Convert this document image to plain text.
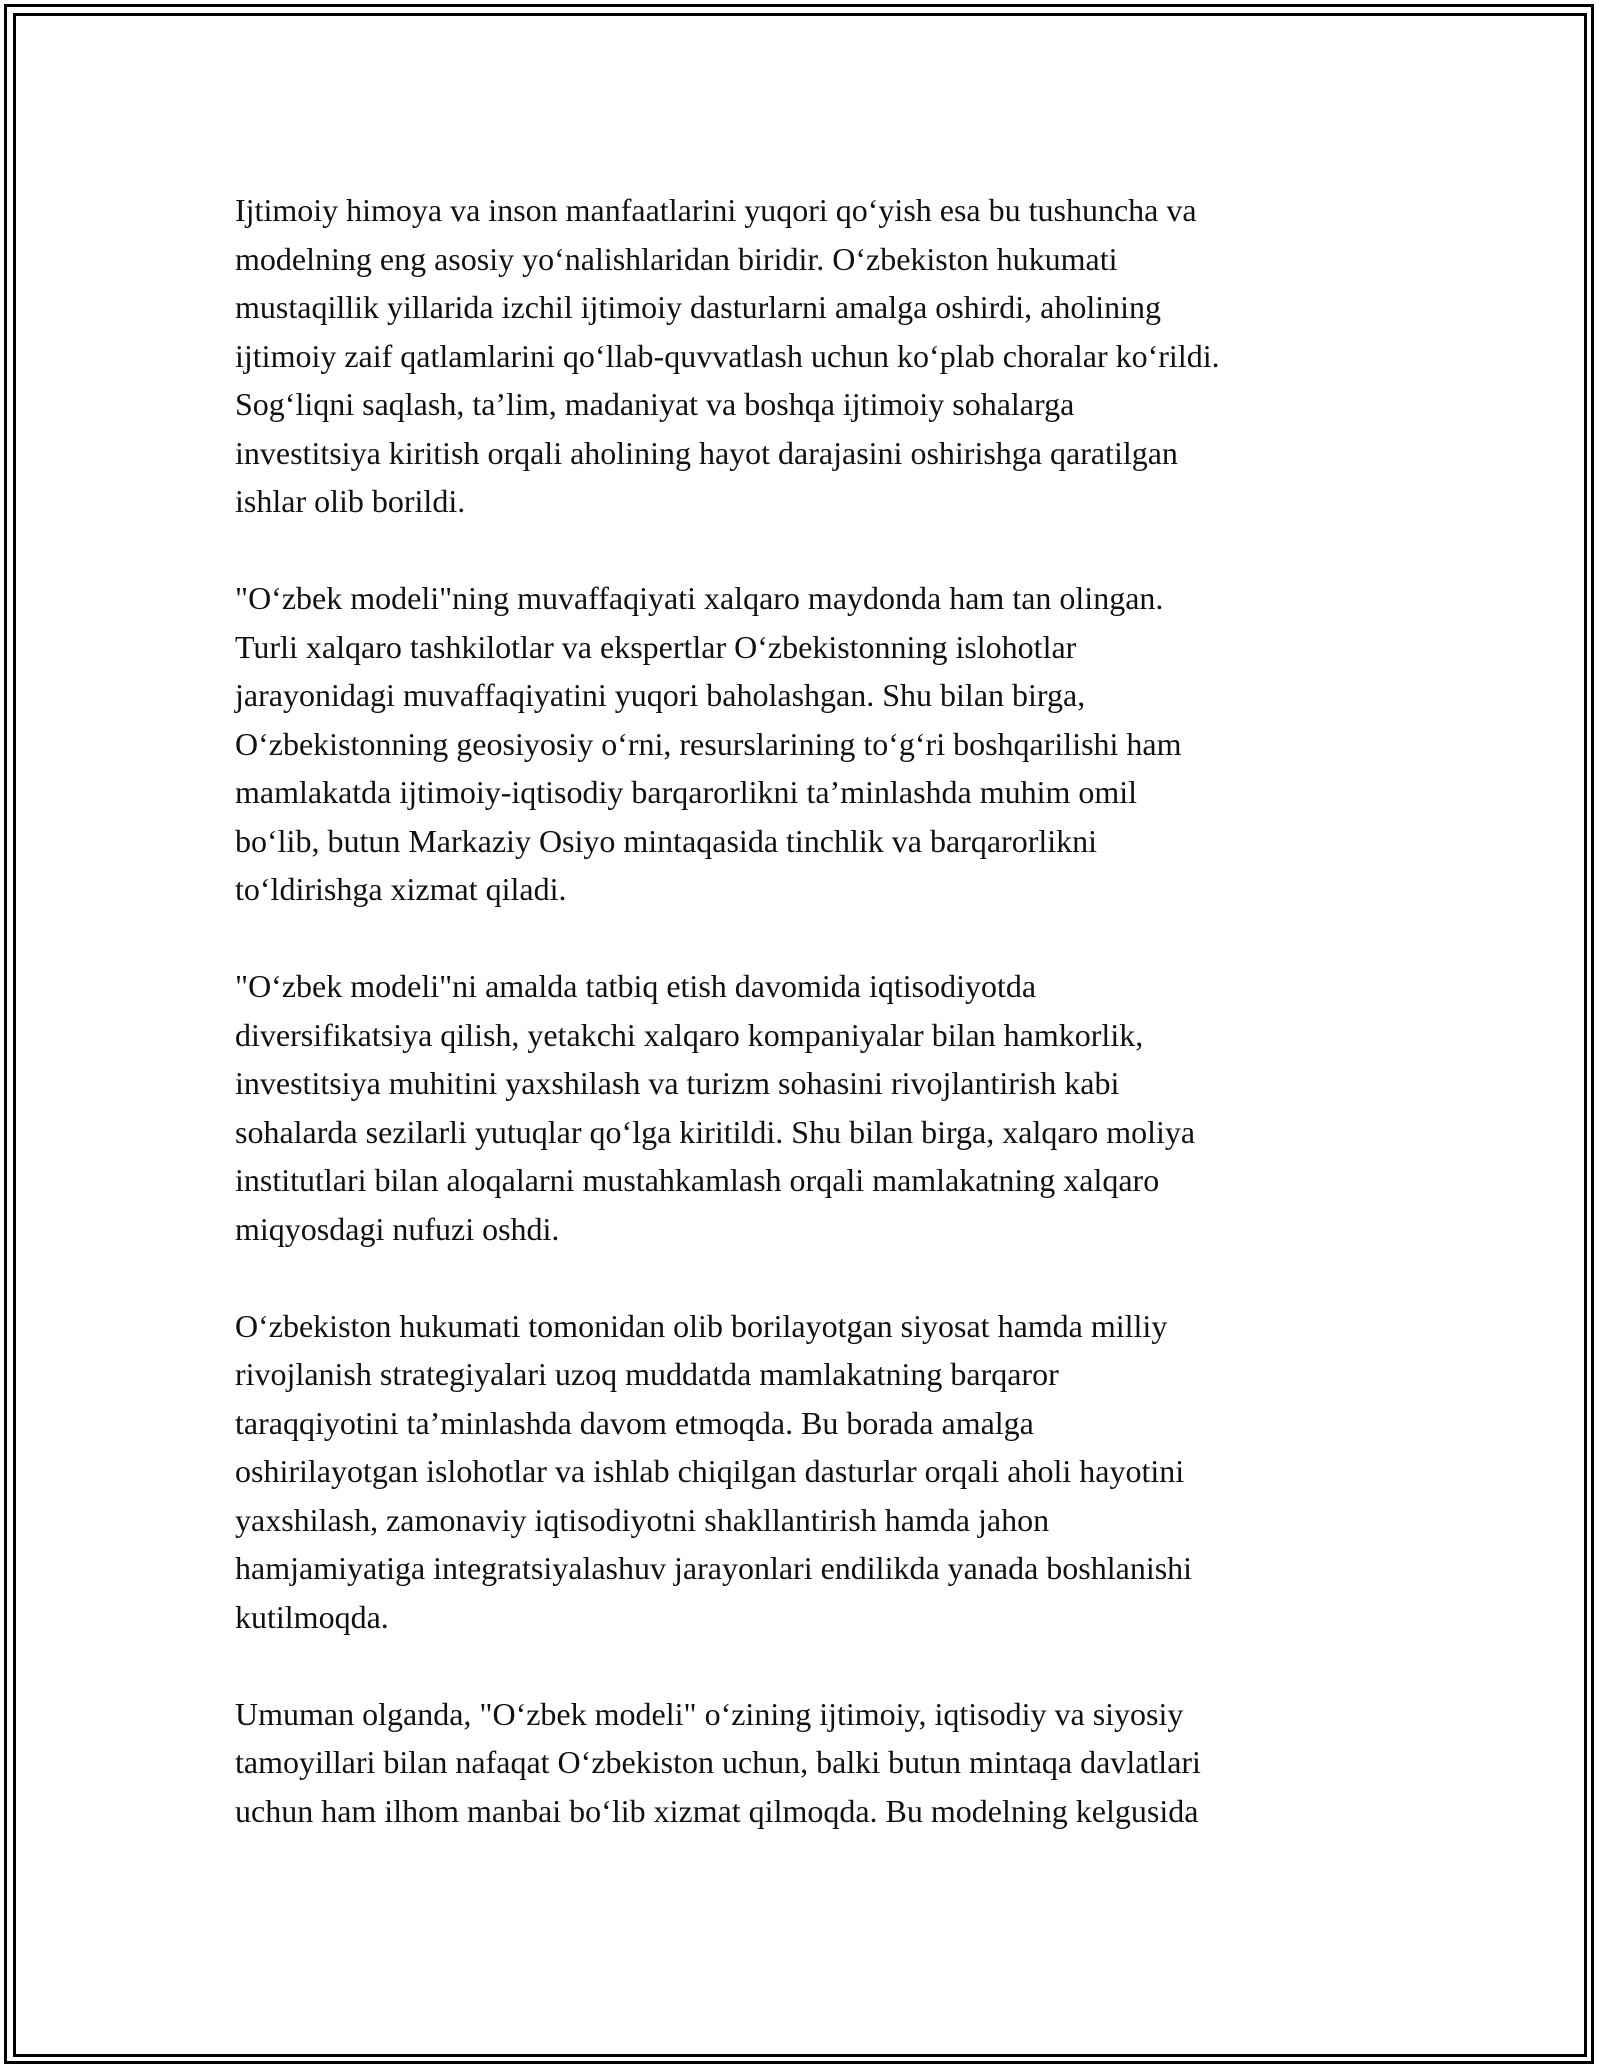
Ijtimoiy himoya va inson manfaatlarini yuqori qo‘yish esa bu tushuncha va
modelning eng asosiy yo‘nalishlaridan biridir. O‘zbekiston hukumati
mustaqillik yillarida izchil ijtimoiy dasturlarni amalga oshirdi, aholining
ijtimoiy zaif qatlamlarini qo‘llab-quvvatlash uchun ko‘plab choralar ko‘rildi.
Sog‘liqni saqlash, ta’lim, madaniyat va boshqa ijtimoiy sohalarga
investitsiya kiritish orqali aholining hayot darajasini oshirishga qaratilgan
ishlar olib borildi.

"O‘zbek modeli"ning muvaffaqiyati xalqaro maydonda ham tan olingan.
Turli xalqaro tashkilotlar va ekspertlar O‘zbekistonning islohotlar
jarayonidagi muvaffaqiyatini yuqori baholashgan. Shu bilan birga,
O‘zbekistonning geosiyosiy o‘rni, resurslarining to‘g‘ri boshqarilishi ham
mamlakatda ijtimoiy-iqtisodiy barqarorlikni ta’minlashda muhim omil
bo‘lib, butun Markaziy Osiyo mintaqasida tinchlik va barqarorlikni
to‘ldirishga xizmat qiladi.

"O‘zbek modeli"ni amalda tatbiq etish davomida iqtisodiyotda
diversifikatsiya qilish, yetakchi xalqaro kompaniyalar bilan hamkorlik,
investitsiya muhitini yaxshilash va turizm sohasini rivojlantirish kabi
sohalarda sezilarli yutuqlar qo‘lga kiritildi. Shu bilan birga, xalqaro moliya
institutlari bilan aloqalarni mustahkamlash orqali mamlakatning xalqaro
miqyosdagi nufuzi oshdi.

O‘zbekiston hukumati tomonidan olib borilayotgan siyosat hamda milliy
rivojlanish strategiyalari uzoq muddatda mamlakatning barqaror
taraqqiyotini ta’minlashda davom etmoqda. Bu borada amalga
oshirilayotgan islohotlar va ishlab chiqilgan dasturlar orqali aholi hayotini
yaxshilash, zamonaviy iqtisodiyotni shakllantirish hamda jahon
hamjamiyatiga integratsiyalashuv jarayonlari endilikda yanada boshlanishi
kutilmoqda.

Umuman olganda, "O‘zbek modeli" o‘zining ijtimoiy, iqtisodiy va siyosiy
tamoyillari bilan nafaqat O‘zbekiston uchun, balki butun mintaqa davlatlari
uchun ham ilhom manbai bo‘lib xizmat qilmoqda. Bu modelning kelgusida
